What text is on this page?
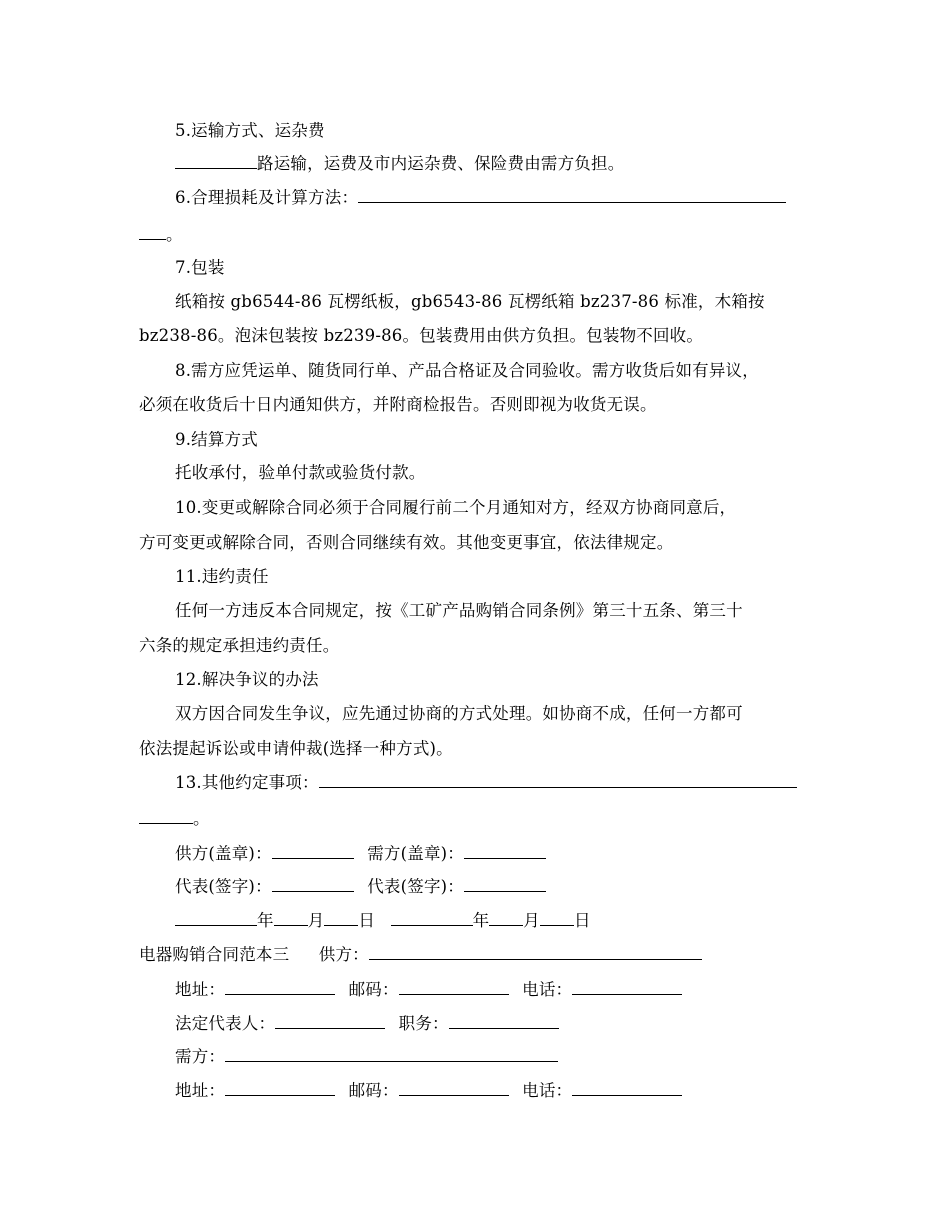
5.运输方式、运杂费
路运输，运费及市内运杂费、保险费由需方负担。
6.合理损耗及计算方法：
。
7.包装
纸箱按 gb6544-86 瓦楞纸板，gb6543-86 瓦楞纸箱 bz237-86 标准，木箱按
bz238-86。泡沫包装按 bz239-86。包装费用由供方负担。包装物不回收。
8.需方应凭运单、随货同行单、产品合格证及合同验收。需方收货后如有异议，
必须在收货后十日内通知供方，并附商检报告。否则即视为收货无误。
9.结算方式
托收承付，验单付款或验货付款。
10.变更或解除合同必须于合同履行前二个月通知对方，经双方协商同意后，
方可变更或解除合同，否则合同继续有效。其他变更事宜，依法律规定。
11.违约责任
任何一方违反本合同规定，按《工矿产品购销合同条例》第三十五条、第三十
六条的规定承担违约责任。
12.解决争议的办法
双方因合同发生争议，应先通过协商的方式处理。如协商不成，任何一方都可
依法提起诉讼或申请仲裁(选择一种方式)。
13.其他约定事项：
。
供方(盖章)：	需方(盖章)：
代表(签字)：	代表(签字)：
年 月 日	年 月 日
电器购销合同范本三 供方：
地址：	邮码：	电话：
法定代表人：	职务：
需方：
地址：	邮码：	电话：
